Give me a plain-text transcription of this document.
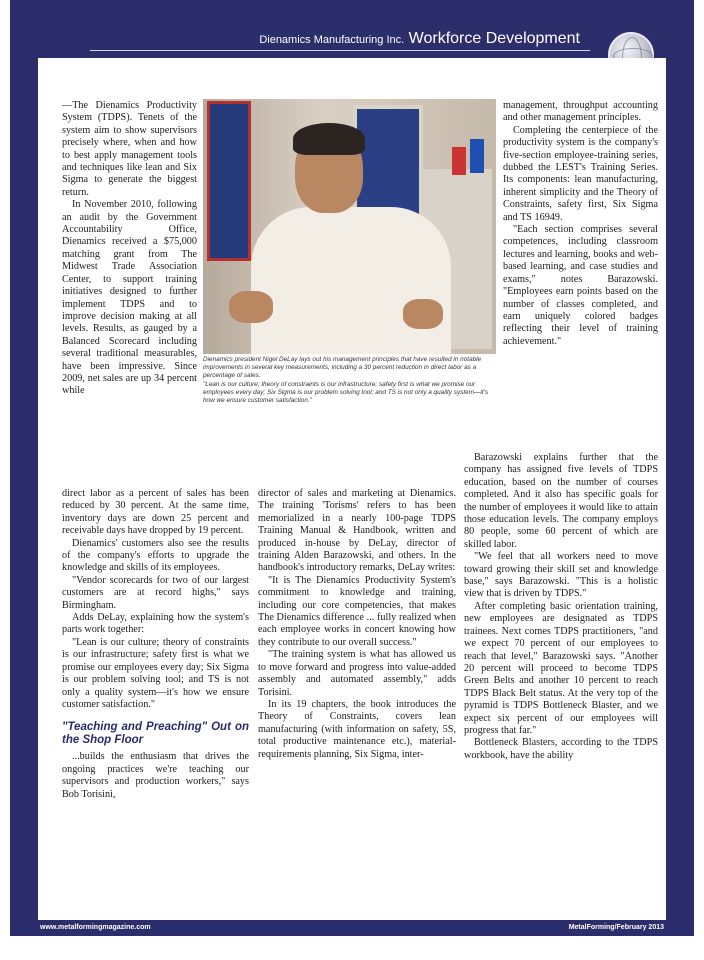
Dienamics Manufacturing Inc. Workforce Development

—The Dienamics Productivity System (TDPS). Tenets of the system aim to show supervisors precisely where, when and how to best apply management tools and techniques like lean and Six Sigma to generate the biggest return.

In November 2010, following an audit by the Government Accountability Office, Dienamics received a $75,000 matching grant from The Midwest Trade Association Center, to support training initiatives designed to further implement TDPS and to improve decision making at all levels. Results, as gauged by a Balanced Scorecard including several traditional measurables, have been impressive. Since 2009, net sales are up 34 percent while

Dienamics president Nigel DeLay lays out his management principles that have resulted in notable improvements in several key measurements, including a 30 percent reduction in direct labor as a percentage of sales.

"Lean is our culture; theory of constraints is our infrastructure; safety first is what we promise our employees every day; Six Sigma is our problem solving tool; and TS is not only a quality system—it's how we ensure customer satisfaction."

management, throughput accounting and other management principles.

Completing the centerpiece of the productivity system is the company's five-section employee-training series, dubbed the LEST's Training Series. Its components: lean manufacturing, inherent simplicity and the Theory of Constraints, safety first, Six Sigma and TS 16949.

"Each section comprises several competences, including classroom lectures and learning, books and web-based learning, and case studies and exams," notes Barazowski. "Employees earn points based on the number of classes completed, and earn uniquely colored badges reflecting their level of training achievement."

direct labor as a percent of sales has been reduced by 30 percent. At the same time, inventory days are down 25 percent and receivable days have dropped by 19 percent.

Dienamics' customers also see the results of the company's efforts to upgrade the knowledge and skills of its employees.

"Vendor scorecards for two of our largest customers are at record highs," says Birmingham.

Adds DeLay, explaining how the system's parts work together:

"Lean is our culture; theory of constraints is our infrastructure; safety first is what we promise our employees every day; Six Sigma is our problem solving tool; and TS is not only a quality system—it's how we ensure customer satisfaction."

"Teaching and Preaching" Out on the Shop Floor

...builds the enthusiasm that drives the ongoing practices we're teaching our supervisors and production workers," says Bob Torisini,

director of sales and marketing at Dienamics. The training 'Torisms' refers to has been memorialized in a nearly 100-page TDPS Training Manual & Handbook, written and produced in-house by DeLay, director of training Alden Barazowski, and others. In the handbook's introductory remarks, DeLay writes:

"It is The Dienamics Productivity System's commitment to knowledge and training, including our core competencies, that makes The Dienamics difference ... fully realized when each employee works in concert knowing how they contribute to our overall success."

"The training system is what has allowed us to move forward and progress into value-added assembly and automated assembly," adds Torisini.

In its 19 chapters, the book introduces the Theory of Constraints, covers lean manufacturing (with information on safety, 5S, total productive maintenance etc.), material-requirements planning, Six Sigma, inter-

Barazowski explains further that the company has assigned five levels of TDPS education, based on the number of courses completed. And it also has specific goals for the number of employees it would like to attain those education levels. The company employs 80 people, some 60 percent of which are skilled labor.

"We feel that all workers need to move toward growing their skill set and knowledge base," says Barazowski. "This is a holistic view that is driven by TDPS."

After completing basic orientation training, new employees are designated as TDPS trainees. Next comes TDPS practitioners, "and we expect 70 percent of our employees to reach that level," Barazowski says. "Another 20 percent will proceed to become TDPS Green Belts and another 10 percent to reach TDPS Black Belt status. At the very top of the pyramid is TDPS Bottleneck Blaster, and we expect six percent of our employees will progress that far."

Bottleneck Blasters, according to the TDPS workbook, have the ability

www.metalformingmagazine.com	MetalForming/February 2013
